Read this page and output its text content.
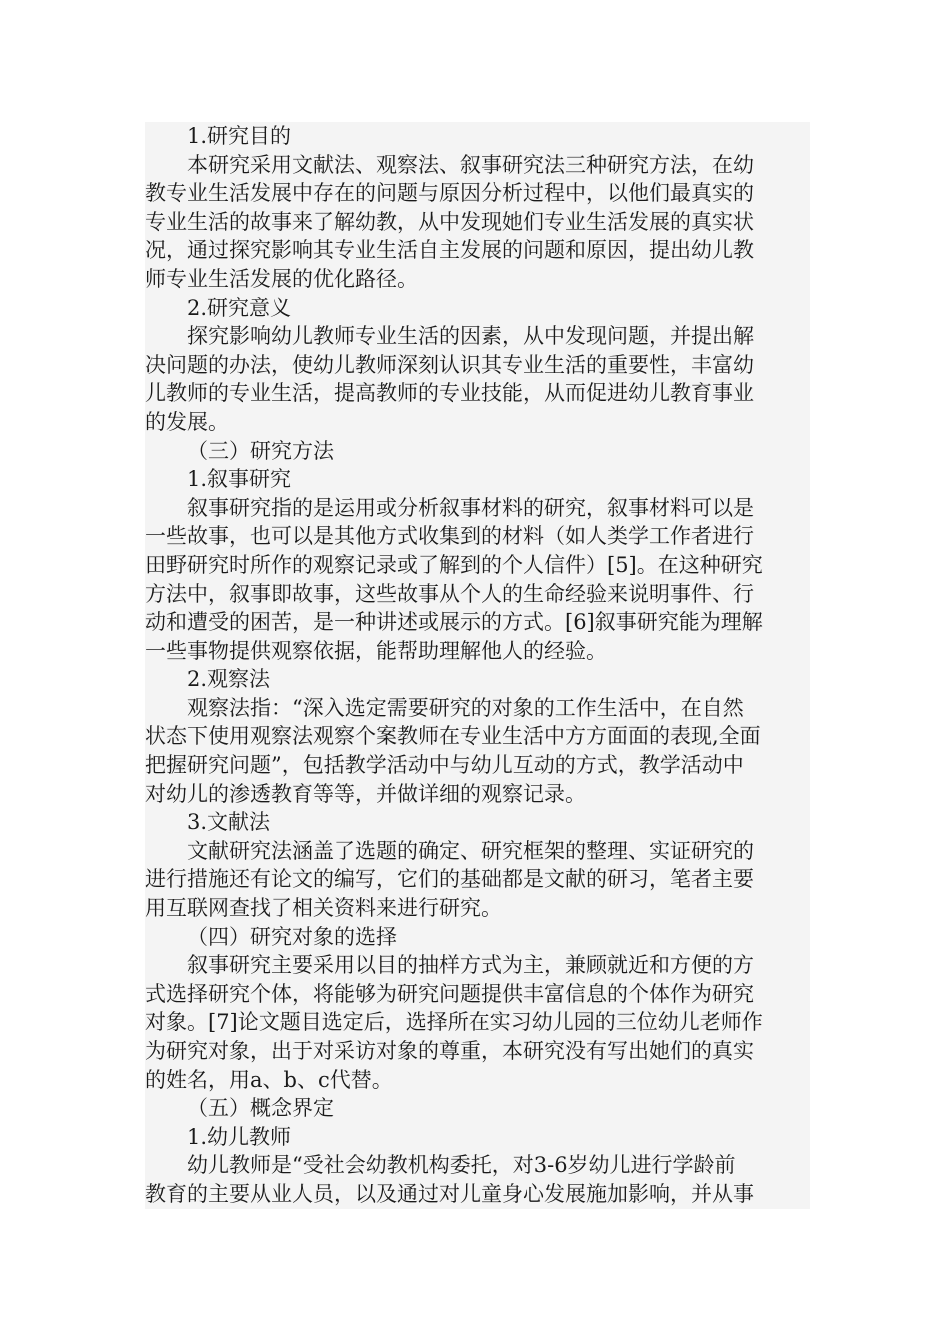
1.研究目的
本研究采用文献法、观察法、叙事研究法三种研究方法，在幼
教专业生活发展中存在的问题与原因分析过程中，以他们最真实的
专业生活的故事来了解幼教，从中发现她们专业生活发展的真实状
况，通过探究影响其专业生活自主发展的问题和原因，提出幼儿教
师专业生活发展的优化路径。
2.研究意义
探究影响幼儿教师专业生活的因素，从中发现问题，并提出解
决问题的办法，使幼儿教师深刻认识其专业生活的重要性，丰富幼
儿教师的专业生活，提高教师的专业技能，从而促进幼儿教育事业
的发展。
（三）研究方法
1.叙事研究
叙事研究指的是运用或分析叙事材料的研究，叙事材料可以是
一些故事，也可以是其他方式收集到的材料（如人类学工作者进行
田野研究时所作的观察记录或了解到的个人信件）[5]。在这种研究
方法中，叙事即故事，这些故事从个人的生命经验来说明事件、行
动和遭受的困苦，是一种讲述或展示的方式。[6]叙事研究能为理解
一些事物提供观察依据，能帮助理解他人的经验。
2.观察法
观察法指：“深入选定需要研究的对象的工作生活中，在自然
状态下使用观察法观察个案教师在专业生活中方方面面的表现,全面
把握研究问题”，包括教学活动中与幼儿互动的方式，教学活动中
对幼儿的渗透教育等等，并做详细的观察记录。
3.文献法
文献研究法涵盖了选题的确定、研究框架的整理、实证研究的
进行措施还有论文的编写，它们的基础都是文献的研习，笔者主要
用互联网查找了相关资料来进行研究。
（四）研究对象的选择
叙事研究主要采用以目的抽样方式为主，兼顾就近和方便的方
式选择研究个体，将能够为研究问题提供丰富信息的个体作为研究
对象。[7]论文题目选定后，选择所在实习幼儿园的三位幼儿老师作
为研究对象，出于对采访对象的尊重，本研究没有写出她们的真实
的姓名，用a、b、c代替。
（五）概念界定
1.幼儿教师
幼儿教师是“受社会幼教机构委托，对3-6岁幼儿进行学龄前
教育的主要从业人员，以及通过对儿童身心发展施加影响，并从事
